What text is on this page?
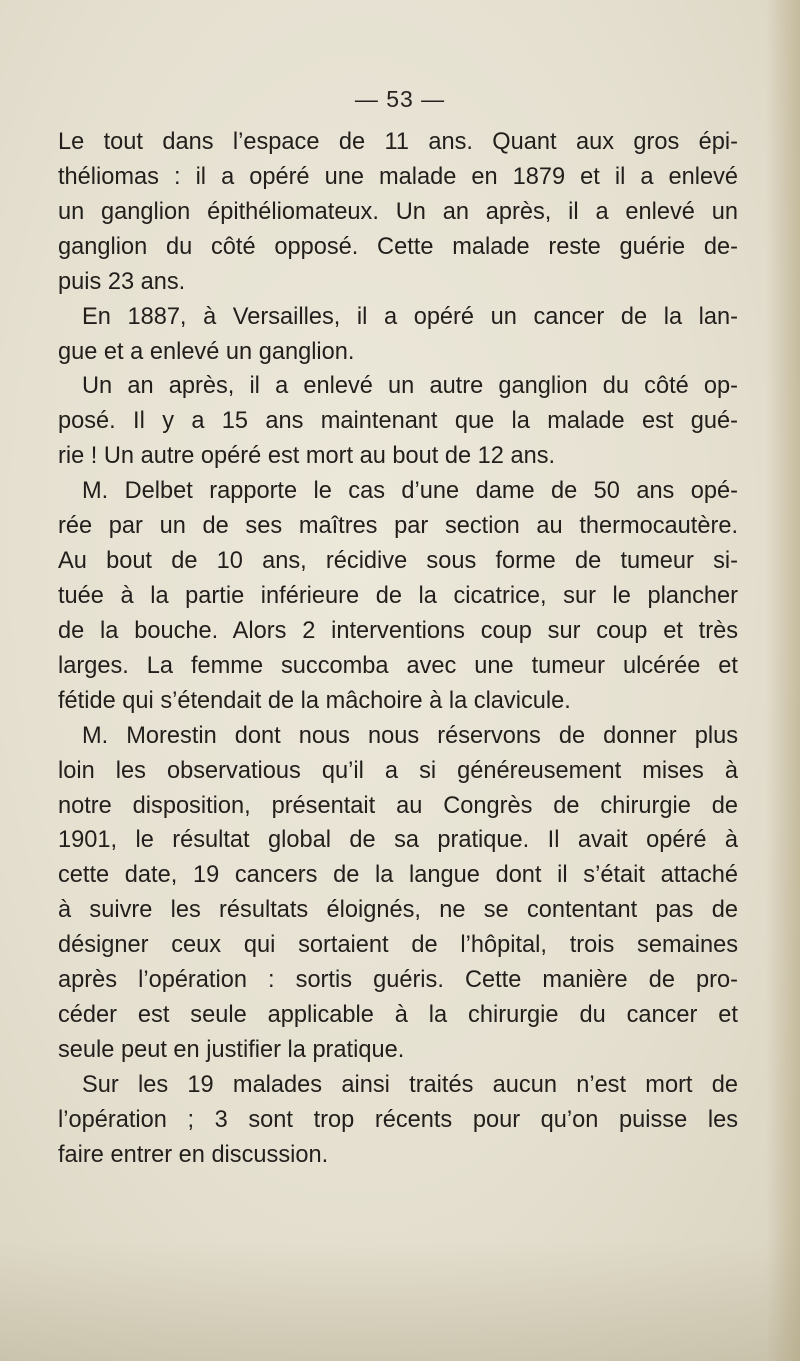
— 53 —
Le tout dans l’espace de 11 ans. Quant aux gros épi-
théliomas : il a opéré une malade en 1879 et il a enlevé
un ganglion épithéliomateux. Un an après, il a enlevé un
ganglion du côté opposé. Cette malade reste guérie de-
puis 23 ans.
En 1887, à Versailles, il a opéré un cancer de la lan-
gue et a enlevé un ganglion.
Un an après, il a enlevé un autre ganglion du côté op-
posé. Il y a 15 ans maintenant que la malade est gué-
rie ! Un autre opéré est mort au bout de 12 ans.
M. Delbet rapporte le cas d’une dame de 50 ans opé-
rée par un de ses maîtres par section au thermocautère.
Au bout de 10 ans, récidive sous forme de tumeur si-
tuée à la partie inférieure de la cicatrice, sur le plancher
de la bouche. Alors 2 interventions coup sur coup et très
larges. La femme succomba avec une tumeur ulcérée et
fétide qui s’étendait de la mâchoire à la clavicule.
M. Morestin dont nous nous réservons de donner plus
loin les observatious qu’il a si généreusement mises à
notre disposition, présentait au Congrès de chirurgie de
1901, le résultat global de sa pratique. Il avait opéré à
cette date, 19 cancers de la langue dont il s’était attaché
à suivre les résultats éloignés, ne se contentant pas de
désigner ceux qui sortaient de l’hôpital, trois semaines
après l’opération : sortis guéris. Cette manière de pro-
céder est seule applicable à la chirurgie du cancer et
seule peut en justifier la pratique.
Sur les 19 malades ainsi traités aucun n’est mort de
l’opération ; 3 sont trop récents pour qu’on puisse les
faire entrer en discussion.
